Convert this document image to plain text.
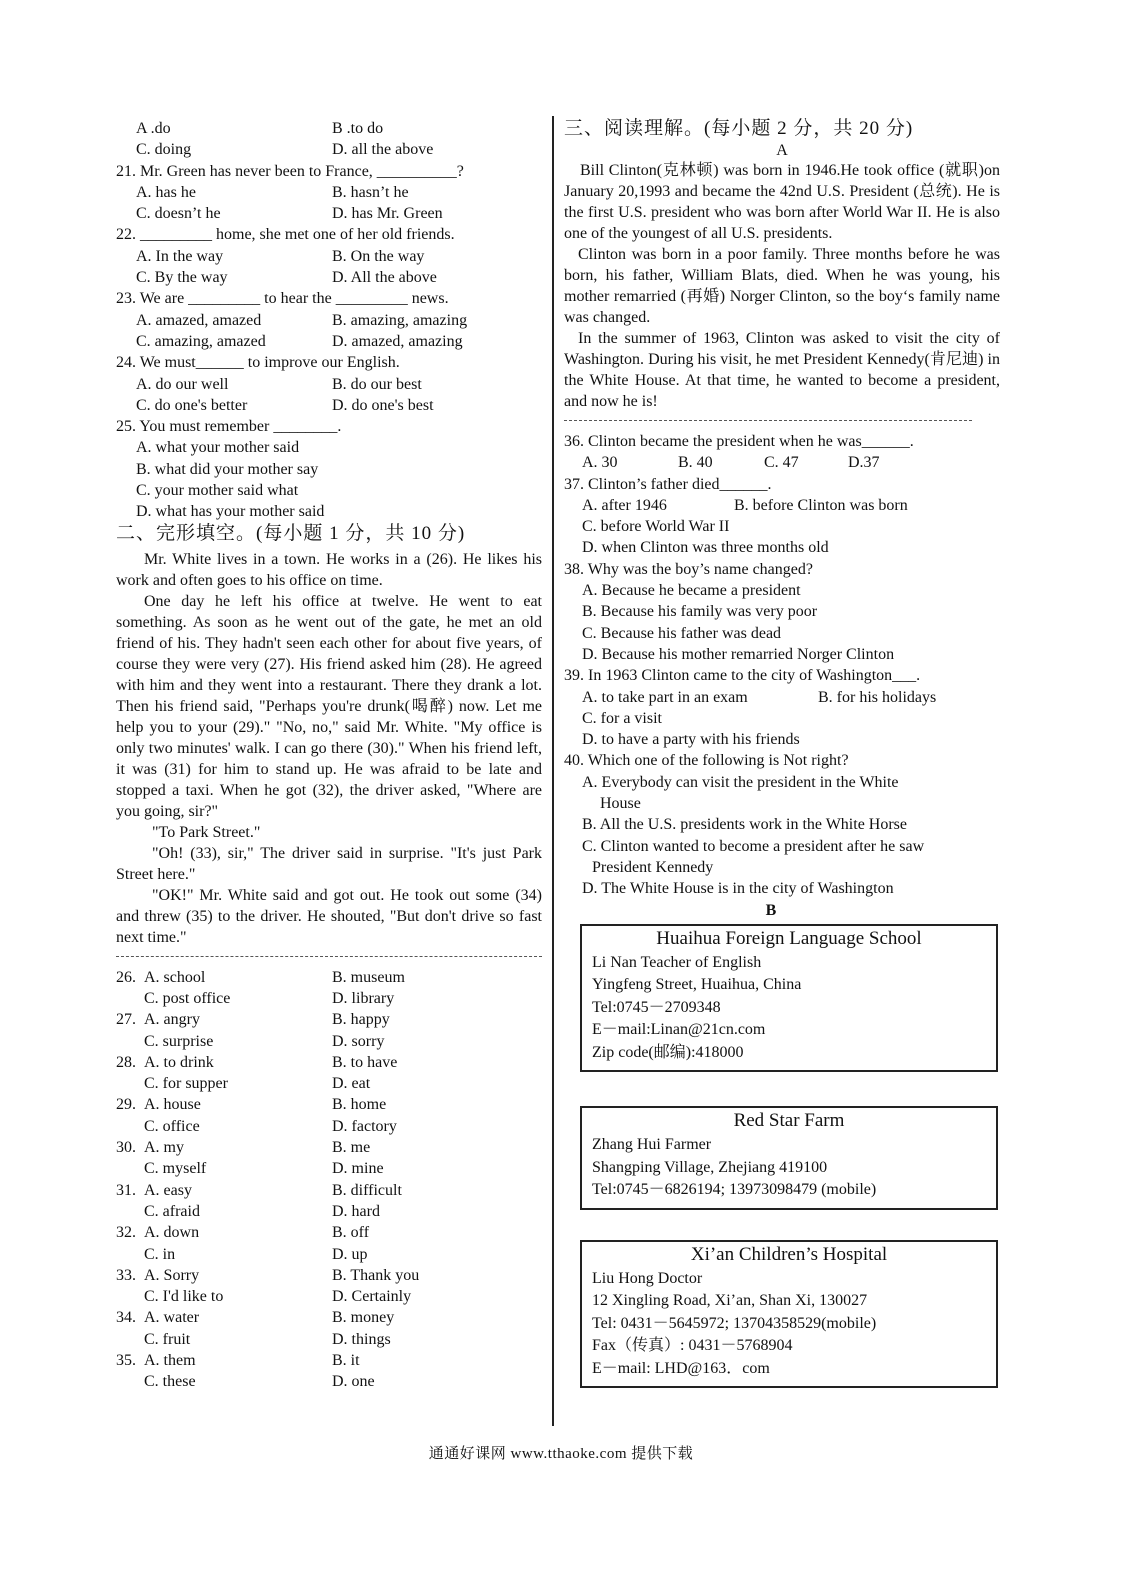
A .do	B .to do
C. doing	D. all the above
21. Mr. Green has never been to France, __________?
A. has he	B. hasn’t he
C. doesn’t he	D. has Mr. Green
22. _________ home, she met one of her old friends.
A. In the way	B. On the way
C. By the way	D. All the above
23. We are _________ to hear the _________ news.
A. amazed, amazed	B. amazing, amazing
C. amazing, amazed	D. amazed, amazing
24. We must______ to improve our English.
A. do our well	B. do our best
C. do one's better	D. do one's best
25. You must remember ________.
A. what your mother said
B. what did your mother say
C. your mother said what
D. what has your mother said
二、完形填空。(每小题 1 分，共 10 分)

Mr. White lives in a town. He works in a (26). He likes his work and often goes to his office on time.

One day he left his office at twelve. He went to eat something. As soon as he went out of the gate, he met an old friend of his. They hadn't seen each other for about five years, of course they were very (27). His friend asked him (28). He agreed with him and they went into a restaurant. There they drank a lot. Then his friend said, "Perhaps you're drunk(喝醉) now. Let me help you to your (29)." "No, no," said Mr. White. "My office is only two minutes' walk. I can go there (30)." When his friend left, it was (31) for him to stand up. He was afraid to be late and stopped a taxi. When he got (32), the driver asked, "Where are you going, sir?"

"To Park Street."

"Oh! (33), sir," The driver said in surprise. "It's just Park Street here."

"OK!" Mr. White said and got out. He took out some (34) and threw (35) to the driver. He shouted, "But don't drive so fast next time."

26. A. school	B. museum
C. post office	D. library
27. A. angry	B. happy
C. surprise	D. sorry
28. A. to drink	B. to have
C. for supper	D. eat
29. A. house	B. home
C. office	D. factory
30. A. my	B. me
C. myself	D. mine
31. A. easy	B. difficult
C. afraid	D. hard
32. A. down	B. off
C. in	D. up
33. A. Sorry	B. Thank you
C. I'd like to	D. Certainly
34. A. water	B. money
C. fruit	D. things
35. A. them	B. it
C. these	D. one
三、阅读理解。(每小题 2 分，共 20 分)
A

Bill Clinton(克林顿) was born in 1946.He took office (就职)on January 20,1993 and became the 42nd U.S. President (总统). He is the first U.S. president who was born after World War II. He is also one of the youngest of all U.S. presidents.

Clinton was born in a poor family. Three months before he was born, his father, William Blats, died. When he was young, his mother remarried (再婚) Norger Clinton, so the boy‘s family name was changed.

In the summer of 1963, Clinton was asked to visit the city of Washington. During his visit, he met President Kennedy(肯尼迪) in the White House. At that time, he wanted to become a president, and now he is!

36. Clinton became the president when he was______.
A. 30	B. 40	C. 47	D.37
37. Clinton’s father died______.
A. after 1946	B. before Clinton was born
C. before World War II
D. when Clinton was three months old
38. Why was the boy’s name changed?
A. Because he became a president
B. Because his family was very poor
C. Because his father was dead
D. Because his mother remarried Norger Clinton
39. In 1963 Clinton came to the city of Washington___.
A. to take part in an exam	B. for his holidays
C. for a visit
D. to have a party with his friends
40. Which one of the following is Not right?
A. Everybody can visit the president in the White
House
B. All the U.S. presidents work in the White Horse
C. Clinton wanted to become a president after he saw
President Kennedy
D. The White House is in the city of Washington
B
Huaihua Foreign Language School
Li Nan Teacher of English
Yingfeng Street, Huaihua, China
Tel:0745－2709348
E－mail:Linan@21cn.com
Zip code(邮编):418000
Red Star Farm
Zhang Hui Farmer
Shangping Village, Zhejiang 419100
Tel:0745－6826194; 13973098479 (mobile)
Xi’an Children’s Hospital
Liu Hong Doctor
12 Xingling Road, Xi’an, Shan Xi, 130027
Tel: 0431－5645972; 13704358529(mobile)
Fax（传真）: 0431－5768904
E－mail: LHD@163．com
通通好课网 www.tthaoke.com 提供下载
